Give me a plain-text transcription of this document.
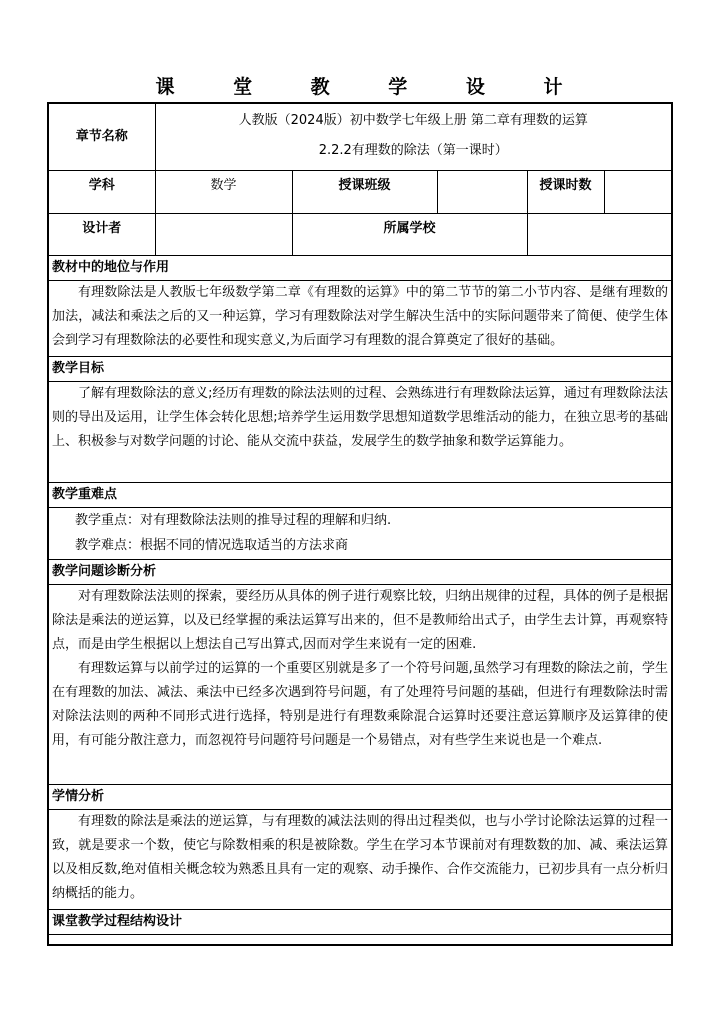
课 堂 教 学 设 计
章节名称	人教版（2024版）初中数学七年级上册 第二章有理数的运算
2.2.2有理数的除法（第一课时）				

学科	数学	授课班级		授课时数	
设计者		所属学校			
教材中的地位与作用					
有理数除法是人教版七年级数学第二章《有理数的运算》中的第二节节的第二小节内容、是继有理数的加法，减法和乘法之后的又一种运算，学习有理数除法对学生解决生活中的实际问题带来了简便、使学生体会到学习有理数除法的必要性和现实意义,为后面学习有理数的混合算奠定了很好的基础。					
教学目标					
了解有理数除法的意义;经历有理数的除法法则的过程、会熟练进行有理数除法运算，通过有理数除法法则的导出及运用，让学生体会转化思想;培养学生运用数学思想知道数学思维活动的能力，在独立思考的基础上、积极参与对数学问题的讨论、能从交流中获益，发展学生的数学抽象和数学运算能力。					
教学重难点					

教学重点：对有理数除法法则的推导过程的理解和归纳.
教学难点：根据不同的情况选取适当的方法求商					

教学问题诊断分析					

对有理数除法法则的探索，要经历从具体的例子进行观察比较，归纳出规律的过程，具体的例子是根据除法是乘法的逆运算，以及已经掌握的乘法运算写出来的，但不是教师给出式子，由学生去计算，再观察特点，而是由学生根据以上想法自己写出算式,因而对学生来说有一定的困难.

有理数运算与以前学过的运算的一个重要区别就是多了一个符号问题,虽然学习有理数的除法之前，学生在有理数的加法、减法、乘法中已经多次遇到符号问题，有了处理符号问题的基础，但进行有理数除法时需对除法法则的两种不同形式进行选择，特别是进行有理数乘除混合运算时还要注意运算顺序及运算律的使用，有可能分散注意力，而忽视符号问题符号问题是一个易错点，对有些学生来说也是一个难点.					

学情分析					
有理数的除法是乘法的逆运算，与有理数的减法法则的得出过程类似，也与小学讨论除法运算的过程一致，就是要求一个数，使它与除数相乘的积是被除数。学生在学习本节课前对有理数数的加、减、乘法运算以及相反数,绝对值相关概念较为熟悉且具有一定的观察、动手操作、合作交流能力，已初步具有一点分析归纳概括的能力。					
课堂教学过程结构设计					
